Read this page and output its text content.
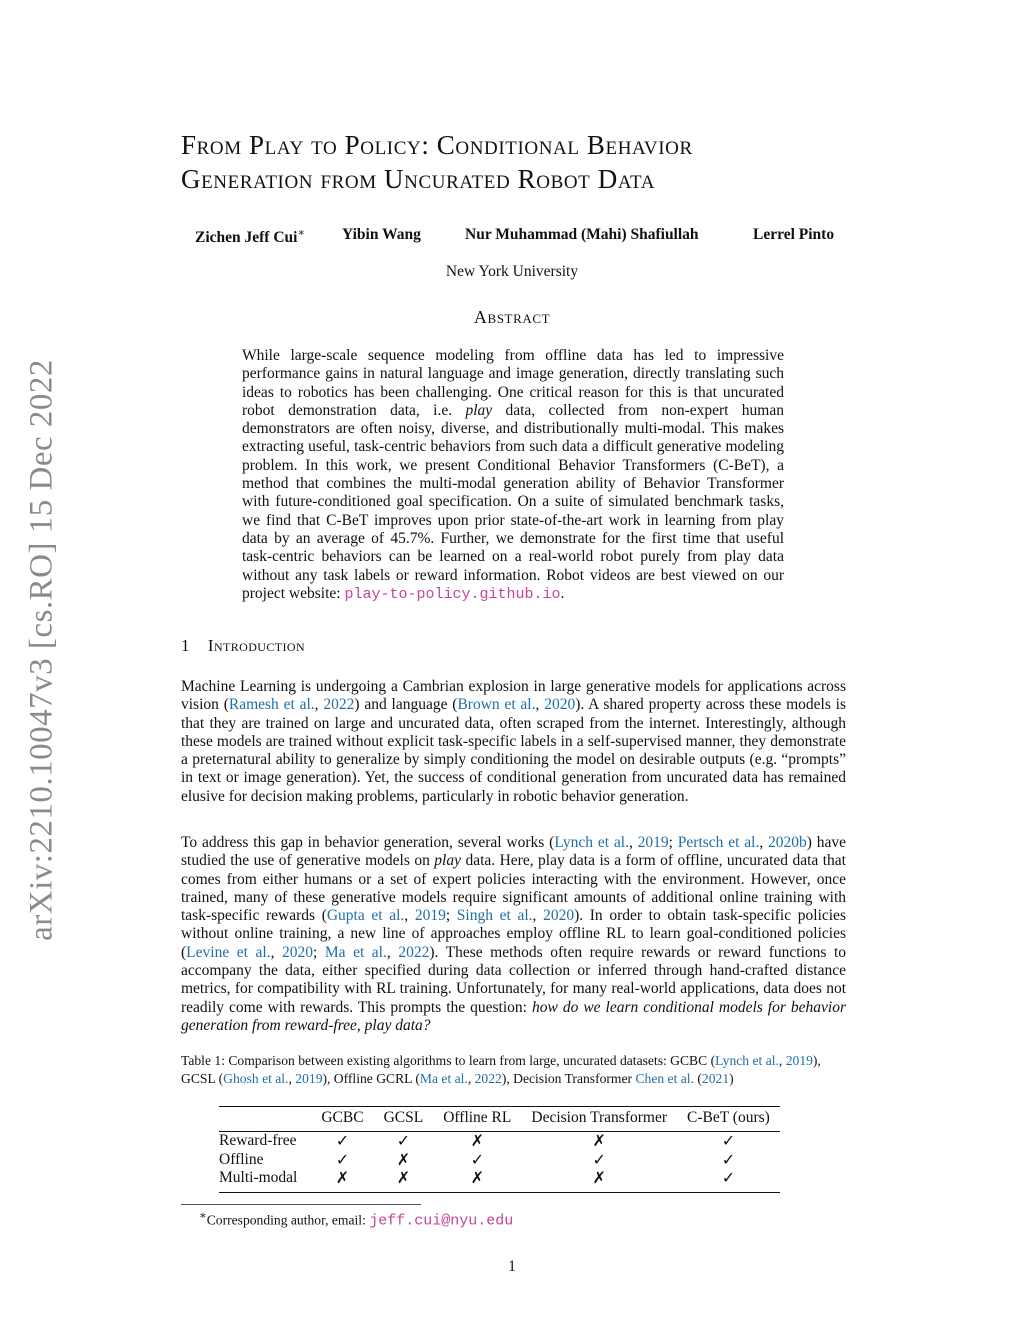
arXiv:2210.10047v3 [cs.RO] 15 Dec 2022
From Play to Policy: Conditional Behavior
Generation from Uncurated Robot Data
Zichen Jeff Cui∗ Yibin Wang	Nur Muhammad (Mahi) Shafiullah	Lerrel Pinto
New York University
Abstract
While large-scale sequence modeling from offline data has led to impressive performance gains in natural language and image generation, directly translating such ideas to robotics has been challenging. One critical reason for this is that uncurated robot demonstration data, i.e. play data, collected from non-expert human demonstrators are often noisy, diverse, and distributionally multi-modal. This makes extracting useful, task-centric behaviors from such data a difficult generative modeling problem. In this work, we present Conditional Behavior Transformers (C-BeT), a method that combines the multi-modal generation ability of Behavior Transformer with future-conditioned goal specification. On a suite of simulated benchmark tasks, we find that C-BeT improves upon prior state-of-the-art work in learning from play data by an average of 45.7%. Further, we demonstrate for the first time that useful task-centric behaviors can be learned on a real-world robot purely from play data without any task labels or reward information. Robot videos are best viewed on our project website: play-to-policy.github.io.
1 Introduction
Machine Learning is undergoing a Cambrian explosion in large generative models for applications across vision (Ramesh et al., 2022) and language (Brown et al., 2020). A shared property across these models is that they are trained on large and uncurated data, often scraped from the internet. Interestingly, although these models are trained without explicit task-specific labels in a self-supervised manner, they demonstrate a preternatural ability to generalize by simply conditioning the model on desirable outputs (e.g. “prompts” in text or image generation). Yet, the success of conditional generation from uncurated data has remained elusive for decision making problems, particularly in robotic behavior generation.
To address this gap in behavior generation, several works (Lynch et al., 2019; Pertsch et al., 2020b) have studied the use of generative models on play data. Here, play data is a form of offline, uncurated data that comes from either humans or a set of expert policies interacting with the environment. However, once trained, many of these generative models require significant amounts of additional online training with task-specific rewards (Gupta et al., 2019; Singh et al., 2020). In order to obtain task-specific policies without online training, a new line of approaches employ offline RL to learn goal-conditioned policies (Levine et al., 2020; Ma et al., 2022). These methods often require rewards or reward functions to accompany the data, either specified during data collection or inferred through hand-crafted distance metrics, for compatibility with RL training. Unfortunately, for many real-world applications, data does not readily come with rewards. This prompts the question: how do we learn conditional models for behavior generation from reward-free, play data?
Table 1: Comparison between existing algorithms to learn from large, uncurated datasets: GCBC (Lynch et al., 2019), GCSL (Ghosh et al., 2019), Offline GCRL (Ma et al., 2022), Decision Transformer Chen et al. (2021)
	GCBC	GCSL	Offline RL	Decision Transformer	C-BeT (ours)
Reward-free	✓	✓	✗	✗	✓
Offline	✓	✗	✓	✓	✓
Multi-modal	✗	✗	✗	✗	✓
∗Corresponding author, email: jeff.cui@nyu.edu
1
